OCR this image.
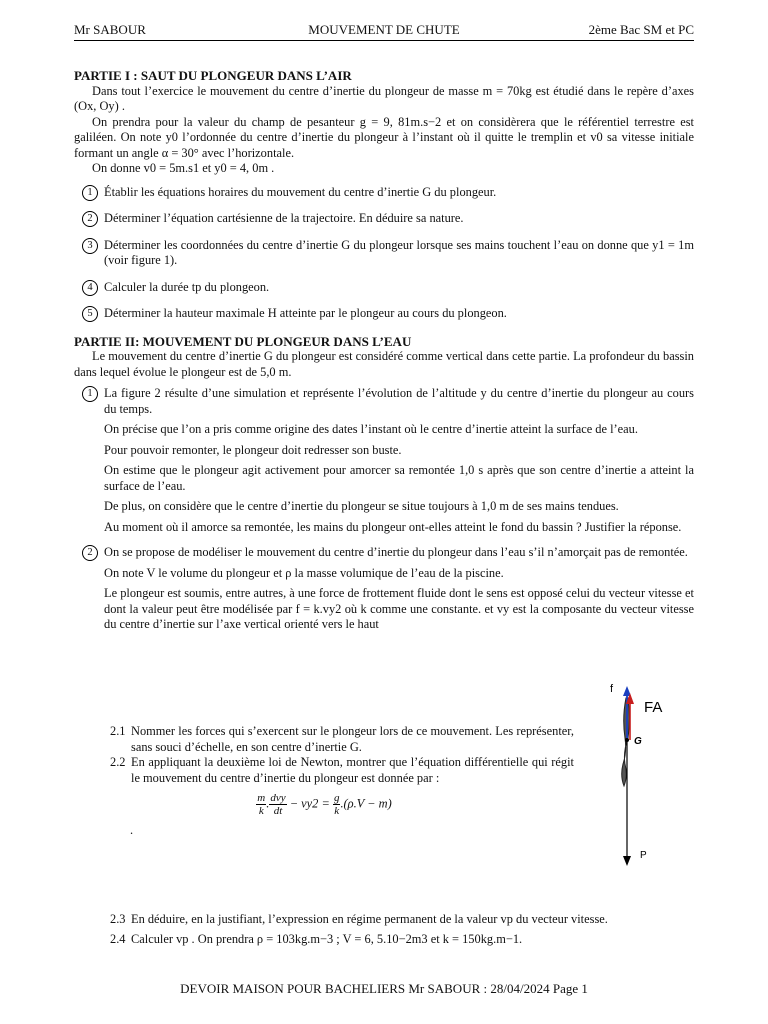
MOUVEMENT DE CHUTE
Mr SABOUR	2ème Bac SM et PC

PARTIE I : SAUT DU PLONGEUR DANS L’AIR

Dans tout l’exercice le mouvement du centre d’inertie du plongeur de masse m = 70kg est étudié dans le repère d’axes (Ox, Oy) .

On prendra pour la valeur du champ de pesanteur g = 9, 81m.s−2 et on considèrera que le référentiel terrestre est galiléen. On note y0 l’ordonnée du centre d’inertie du plongeur à l’instant où il quitte le tremplin et v0 sa vitesse initiale formant un angle α = 30° avec l’horizontale.

On donne v0 = 5m.s1 et y0 = 4, 0m .

1 Établir les équations horaires du mouvement du centre d’inertie G du plongeur.
2 Déterminer l’équation cartésienne de la trajectoire. En déduire sa nature.
3 Déterminer les coordonnées du centre d’inertie G du plongeur lorsque ses mains touchent l’eau on donne que y1 = 1m (voir figure 1).
4 Calculer la durée tp du plongeon.
5 Déterminer la hauteur maximale H atteinte par le plongeur au cours du plongeon.

PARTIE II: MOUVEMENT DU PLONGEUR DANS L’EAU

Le mouvement du centre d’inertie G du plongeur est considéré comme vertical dans cette partie. La profondeur du bassin dans lequel évolue le plongeur est de 5,0 m.

1 La figure 2 résulte d’une simulation et représente l’évolution de l’altitude y du centre d’inertie du plongeur au cours du temps.
On précise que l’on a pris comme origine des dates l’instant où le centre d’inertie atteint la surface de l’eau.
Pour pouvoir remonter, le plongeur doit redresser son buste.
On estime que le plongeur agit activement pour amorcer sa remontée 1,0 s après que son centre d’inertie a atteint la surface de l’eau.
De plus, on considère que le centre d’inertie du plongeur se situe toujours à 1,0 m de ses mains tendues.
Au moment où il amorce sa remontée, les mains du plongeur ont-elles atteint le fond du bassin ? Justifier la réponse.
2 On se propose de modéliser le mouvement du centre d’inertie du plongeur dans l’eau s’il n’amorçait pas de remontée.
On note V le volume du plongeur et ρ la masse volumique de l’eau de la piscine.
Le plongeur est soumis, entre autres, à une force de frottement fluide dont le sens est opposé celui du vecteur vitesse et dont la valeur peut être modélisée par f = k.vy2 où k comme une constante. et vy est la composante du vecteur vitesse du centre d’inertie sur l’axe vertical orienté vers le haut
2.1 Nommer les forces qui s’exercent sur le plongeur lors de ce mouvement. Les représenter, sans souci d’échelle, en son centre d’inertie G.
2.2 En appliquant la deuxième loi de Newton, montrer que l’équation différentielle qui régit le mouvement du centre d’inertie du plongeur est donnée par :
$\frac{m}{k}$ . $\frac{\text{dvy}}{dt} - vy2 = \frac{g}{k} .(\rho.V - m)$
.
f
FA
G
P
2.3 En déduire, en la justifiant, l’expression en régime permanent de la valeur vp du vecteur vitesse.
2.4 Calculer vp . On prendra ρ = 103kg.m−3 ; V = 6, 5.10−2m3 et k = 150kg.m−1.
DEVOIR MAISON POUR BACHELIERS Mr SABOUR : 28/04/2024 Page 1
